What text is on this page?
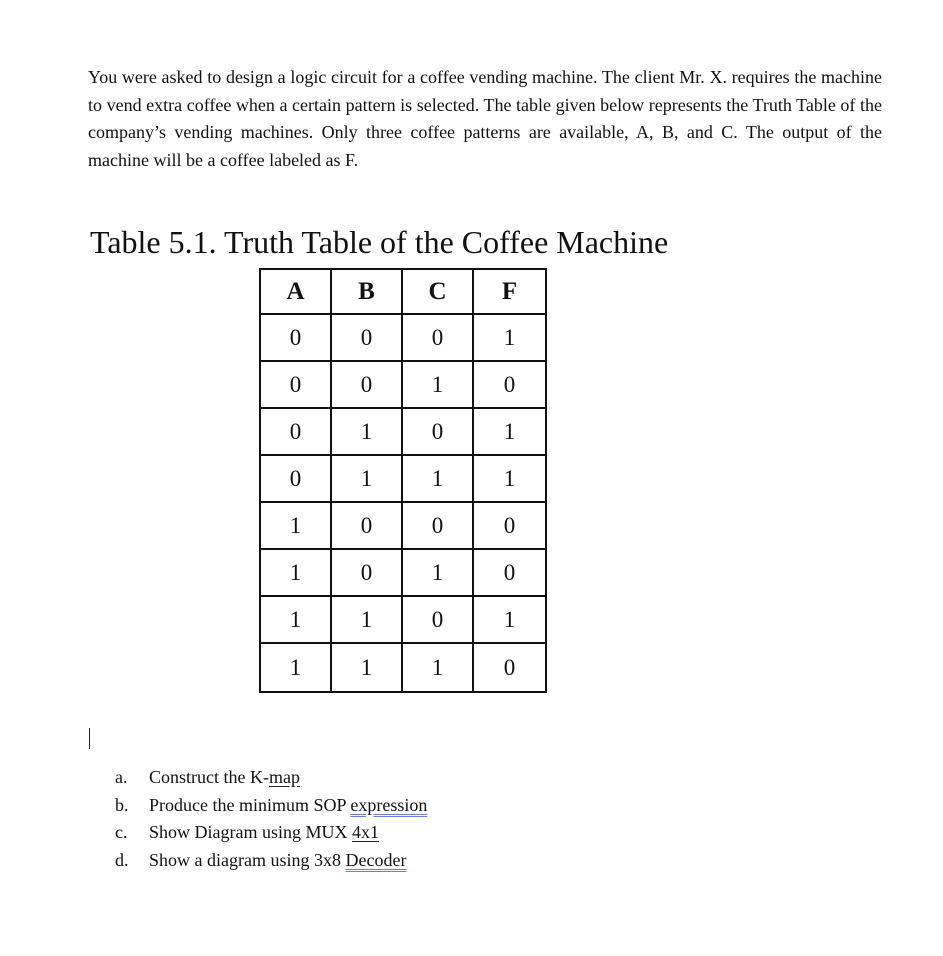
You were asked to design a logic circuit for a coffee vending machine. The client Mr. X. requires the machine to vend extra coffee when a certain pattern is selected. The table given below represents the Truth Table of the company’s vending machines. Only three coffee patterns are available, A, B, and C. The output of the machine will be a coffee labeled as F.

Table 5.1. Truth Table of the Coffee Machine

A	B	C	F
0	0	0	1
0	0	1	0
0	1	0	1
0	1	1	1
1	0	0	0
1	0	1	0
1	1	0	1
1	1	1	0
a. Construct the K-map
b. Produce the minimum SOP expression
c. Show Diagram using MUX 4x1
d. Show a diagram using 3x8 Decoder
